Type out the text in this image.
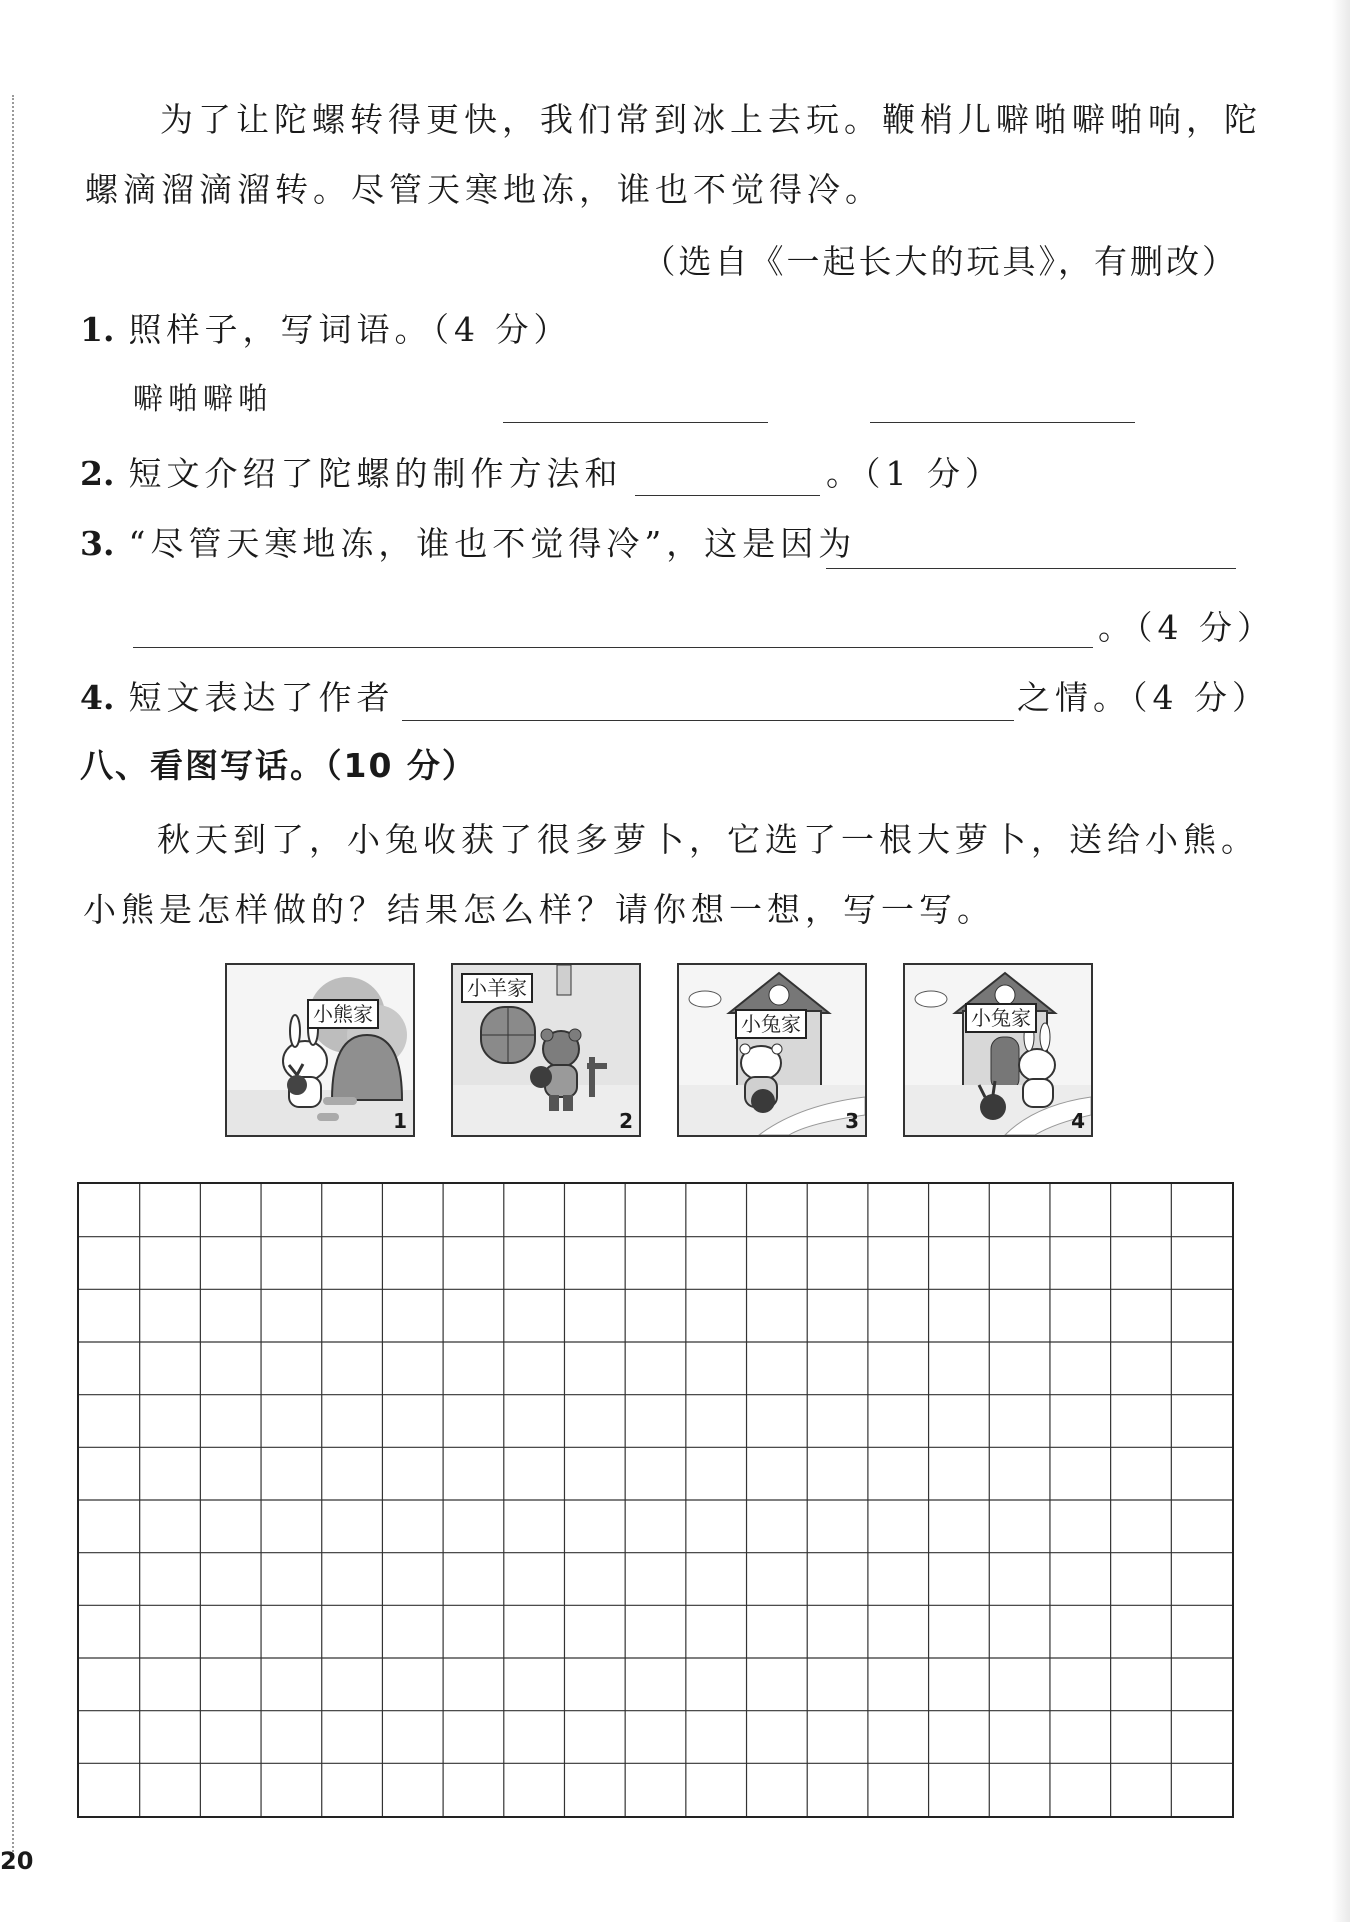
为了让陀螺转得更快，我们常到冰上去玩。鞭梢儿噼啪噼啪响，陀
螺滴溜滴溜转。尽管天寒地冻，谁也不觉得冷。
（选自《一起长大的玩具》，有删改）
1. 照样子，写词语。（4 分）
噼啪噼啪
2. 短文介绍了陀螺的制作方法和	。（1 分）
3. “尽管天寒地冻，谁也不觉得冷”，这是因为
。（4 分）
4. 短文表达了作者	之情。（4 分）
八、看图写话。（10 分）
秋天到了，小兔收获了很多萝卜，它选了一根大萝卜，送给小熊。
小熊是怎样做的？结果怎么样？请你想一想，写一写。
小熊家
1
小羊家
2
小兔家
3
小兔家
4
20
